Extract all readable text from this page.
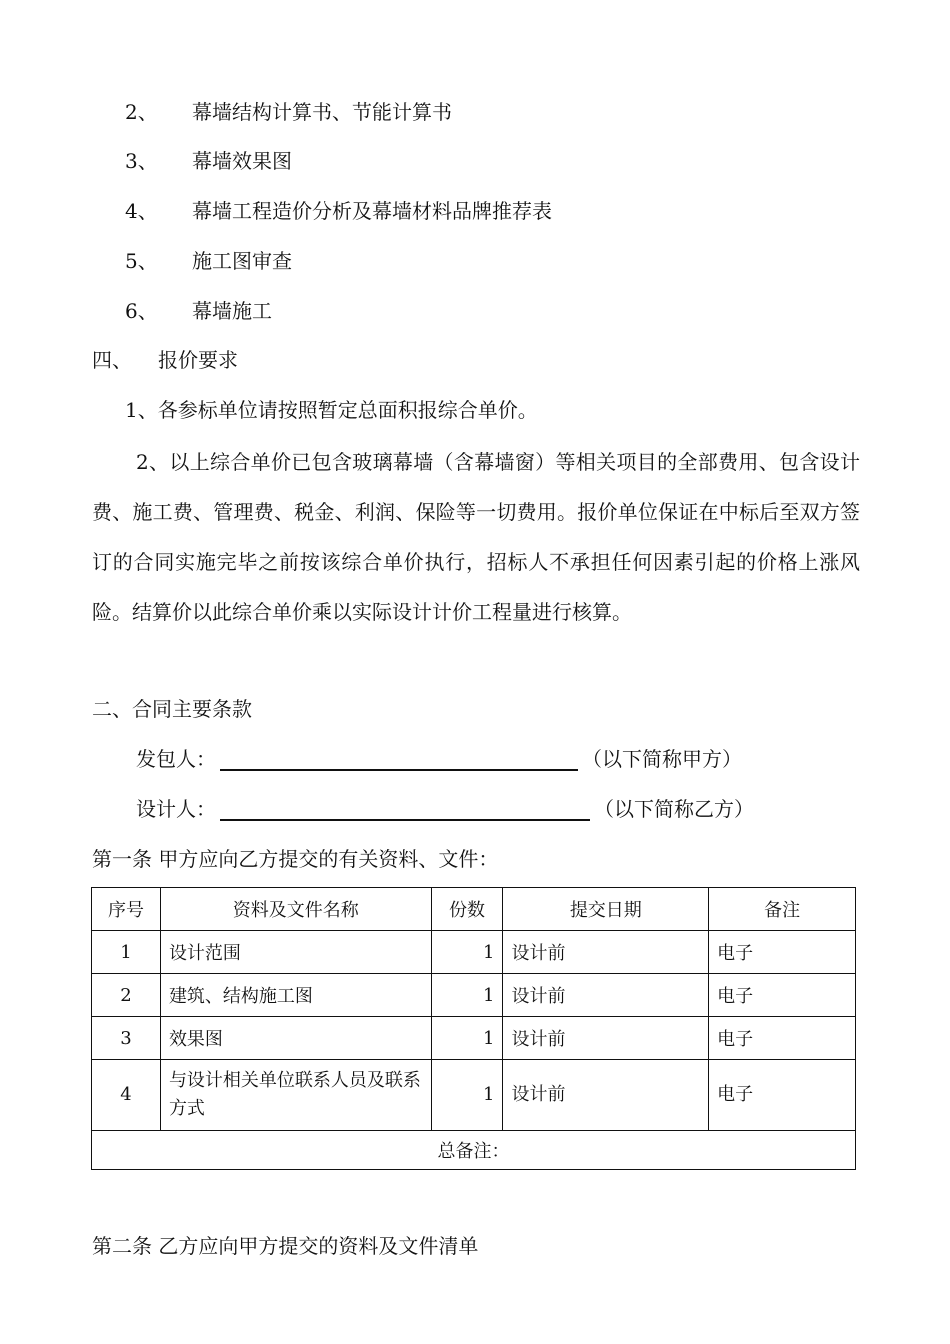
2、 幕墙结构计算书、节能计算书
3、 幕墙效果图
4、 幕墙工程造价分析及幕墙材料品牌推荐表
5、 施工图审查
6、 幕墙施工
四、 报价要求
1、各参标单位请按照暂定总面积报综合单价。
2、以上综合单价已包含玻璃幕墙（含幕墙窗）等相关项目的全部费用、包含设计费、施工费、管理费、税金、利润、保险等一切费用。报价单位保证在中标后至双方签订的合同实施完毕之前按该综合单价执行，招标人不承担任何因素引起的价格上涨风险。结算价以此综合单价乘以实际设计计价工程量进行核算。
二、合同主要条款
发包人：	（以下简称甲方）
设计人：	（以下简称乙方）
第一条 甲方应向乙方提交的有关资料、文件：
序号	资料及文件名称	份数	提交日期	备注
1	设计范围	1	设计前	电子
2	建筑、结构施工图	1	设计前	电子
3	效果图	1	设计前	电子
4	与设计相关单位联系人员及联系方式	1	设计前	电子
总备注：				
第二条 乙方应向甲方提交的资料及文件清单
